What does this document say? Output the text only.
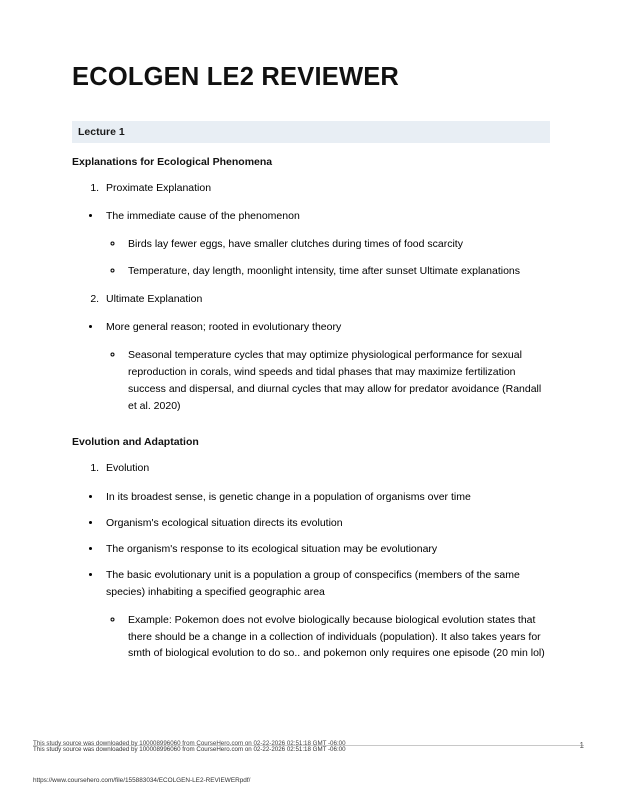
ECOLGEN LE2 REVIEWER
Lecture 1
Explanations for Ecological Phenomena
1. Proximate Explanation
• The immediate cause of the phenomenon
◦ Birds lay fewer eggs, have smaller clutches during times of food scarcity
◦ Temperature, day length, moonlight intensity, time after sunset Ultimate explanations
2. Ultimate Explanation
• More general reason; rooted in evolutionary theory
◦ Seasonal temperature cycles that may optimize physiological performance for sexual reproduction in corals, wind speeds and tidal phases that may maximize fertilization success and dispersal, and diurnal cycles that may allow for predator avoidance (Randall et al. 2020)
Evolution and Adaptation
1. Evolution
• In its broadest sense, is genetic change in a population of organisms over time
• Organism's ecological situation directs its evolution
• The organism's response to its ecological situation may be evolutionary
• The basic evolutionary unit is a population a group of conspecifics (members of the same species) inhabiting a specified geographic area
◦ Example: Pokemon does not evolve biologically because biological evolution states that there should be a change in a collection of individuals (population). It also takes years for smth of biological evolution to do so.. and pokemon only requires one episode (20 min lol)
This study source was downloaded by 100008996060 from CourseHero.com on 02-22-2026 02:51:18 GMT -06:00
This study source was downloaded by 100008996060 from CourseHero.com on 02-22-2026 02:51:18 GMT -06:00	1
https://www.coursehero.com/file/155883034/ECOLGEN-LE2-REVIEWERpdf/
